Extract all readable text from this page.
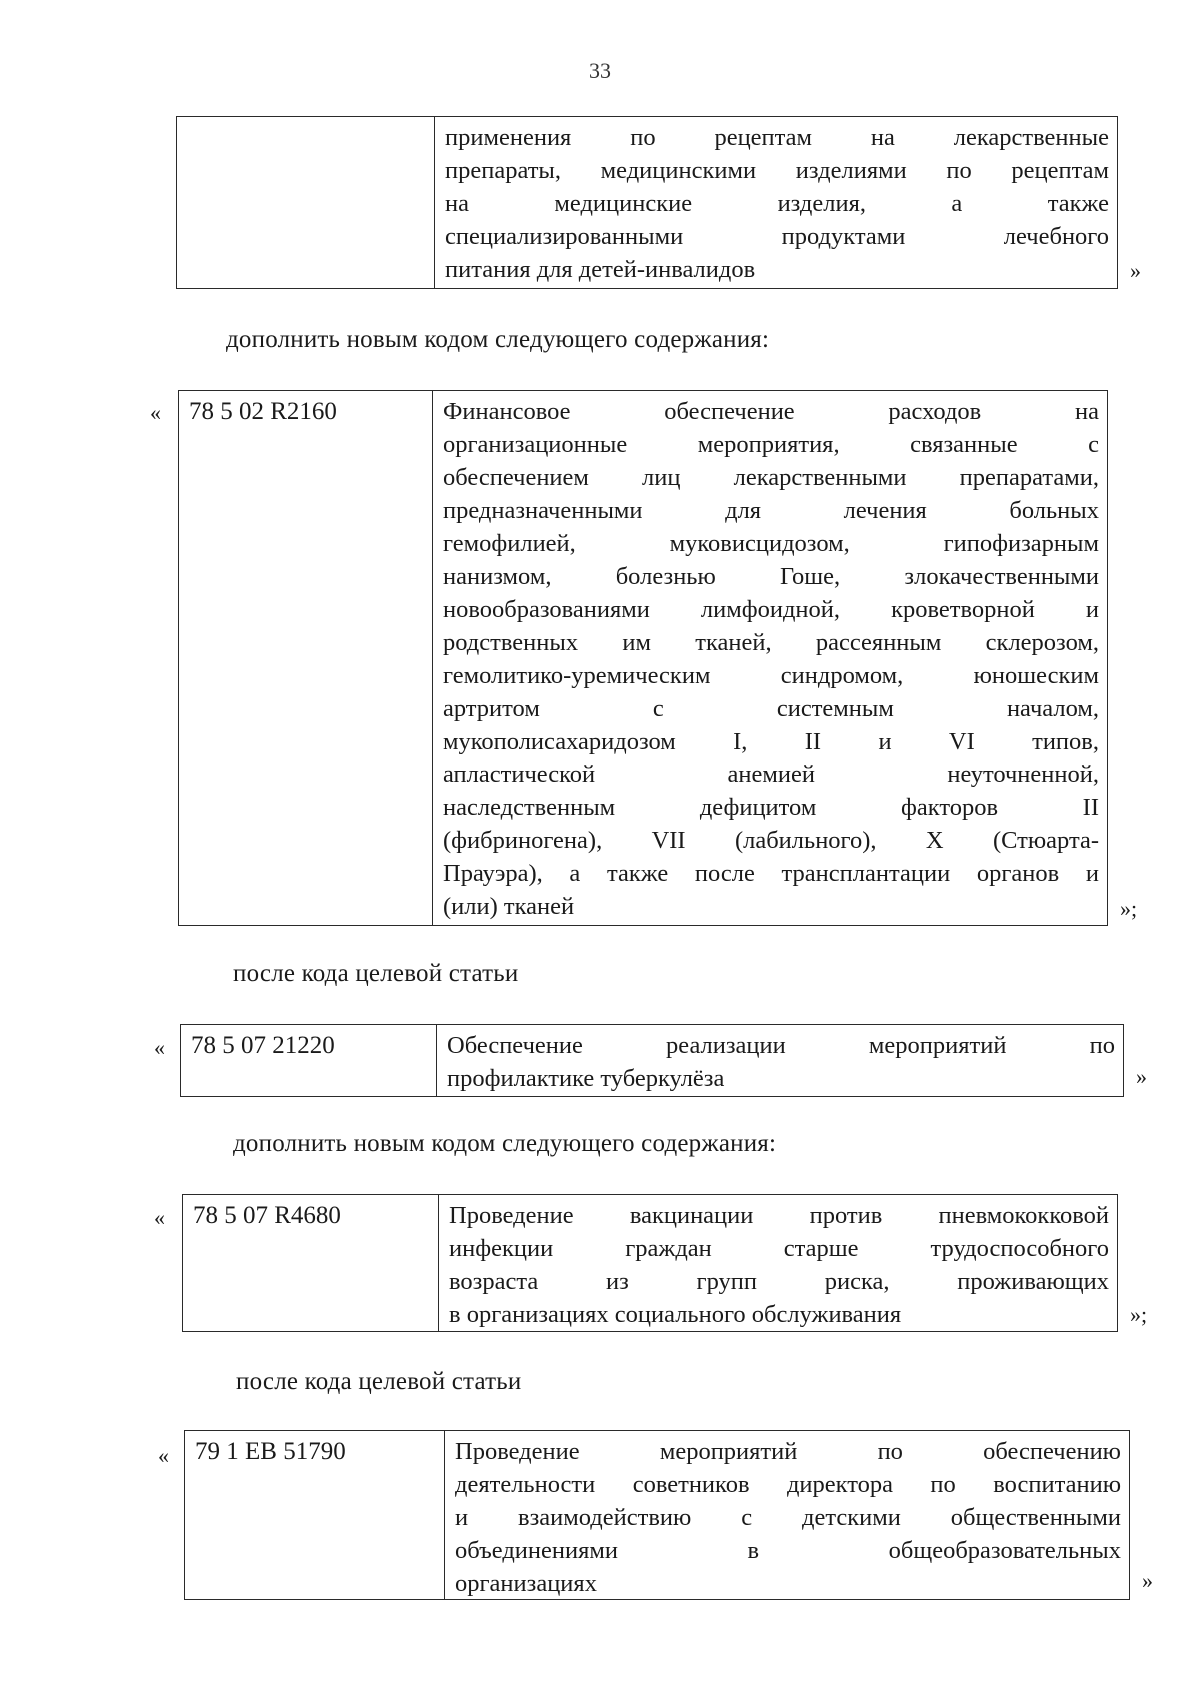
33
применения по рецептам на лекарственные
препараты, медицинскими изделиями по рецептам
на медицинские изделия, а также
специализированными продуктами лечебного
питания для детей-инвалидов	»
дополнить новым кодом следующего содержания:
«	78 5 02 R2160	Финансовое обеспечение расходов на
организационные мероприятия, связанные с
обеспечением лиц лекарственными препаратами,
предназначенными для лечения больных
гемофилией, муковисцидозом, гипофизарным
нанизмом, болезнью Гоше, злокачественными
новообразованиями лимфоидной, кроветворной и
родственных им тканей, рассеянным склерозом,
гемолитико-уремическим синдромом, юношеским
артритом с системным началом,
мукополисахаридозом I, II и VI типов,
апластической анемией неуточненной,
наследственным дефицитом факторов II
(фибриногена), VII (лабильного), X (Стюарта-
Прауэра), а также после трансплантации органов и
(или) тканей	»;
после кода целевой статьи
«	78 5 07 21220	Обеспечение реализации мероприятий по
профилактике туберкулёза	»
дополнить новым кодом следующего содержания:
«	78 5 07 R4680	Проведение вакцинации против пневмококковой
инфекции граждан старше трудоспособного
возраста из групп риска, проживающих
в организациях социального обслуживания	»;
после кода целевой статьи
«	79 1 ЕВ 51790	Проведение мероприятий по обеспечению
деятельности советников директора по воспитанию
и взаимодействию с детскими общественными
объединениями в общеобразовательных
организациях	»
